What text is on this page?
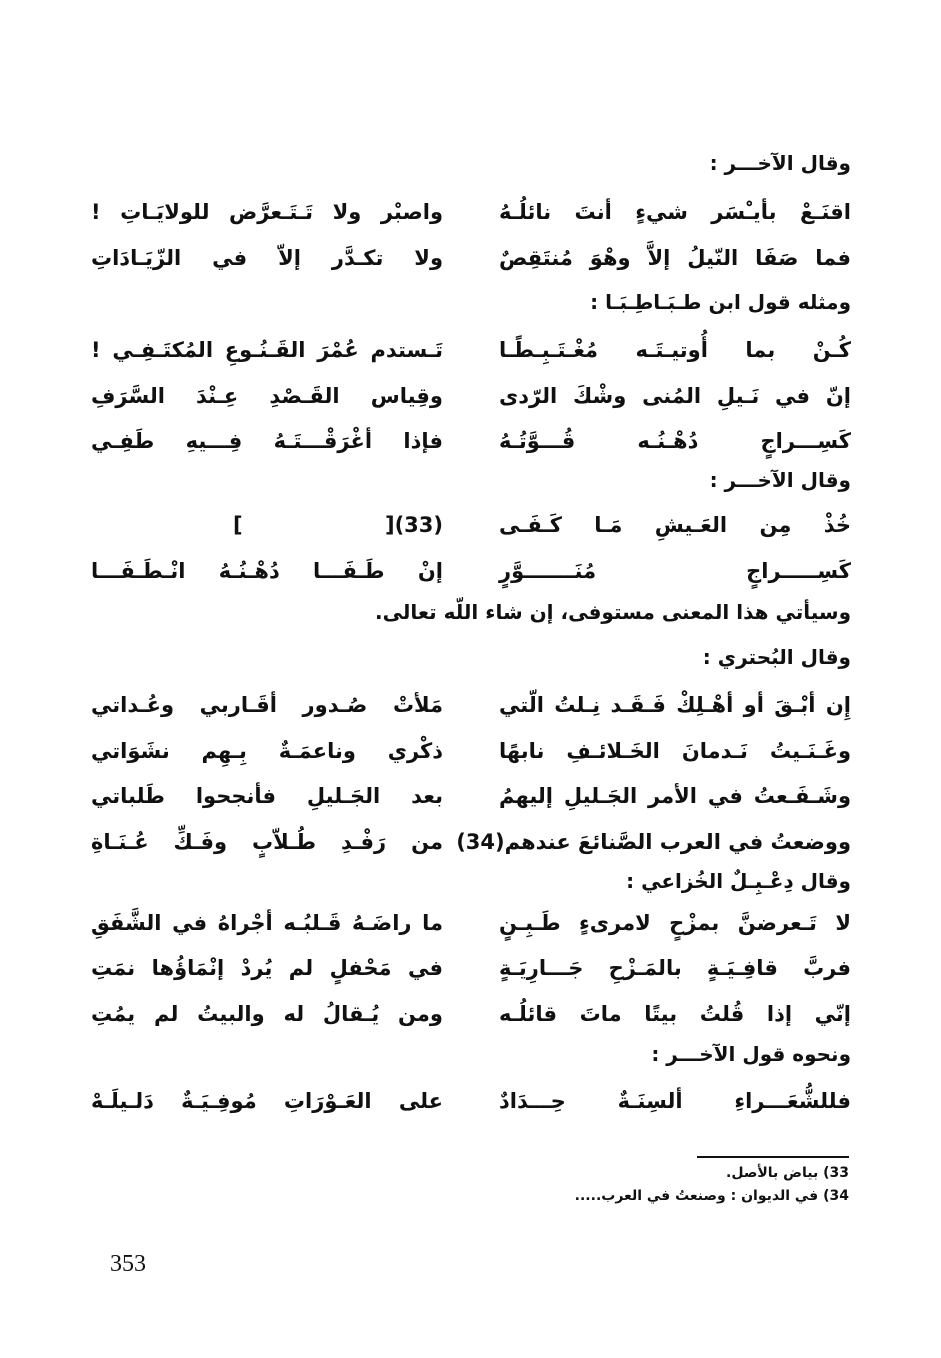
وقال الآخـــر :
اقنَـعْ بأيـْسَر شيءٍ أنتَ نائلُـهُ
واصبْر ولا تَـتَـعرَّض للولايَـاتِ !
فما صَفَا النّيلُ إلاَّ وهْوَ مُنتَقِصٌ
ولا تكـدَّر إلاّ في الزّيَـادَاتِ
ومثله قول ابن طـبَـاطِـبَـا :
كُـنْ بما أُوتيـتَـه مُغْـتَـبِـطًـا
تَـستدم عُمْرَ القَـنُـوعِ المُكتَـفِـي !
إنّ في نَـيلِ المُنى وشْكَ الرّدى
وقِياس القَـصْدِ عِـنْدَ السَّرَفِ
كَسِـــراجٍ دُهْـنُـه قُـــوَّتُـهُ
فإذا أغْرَقْـــتَـهُ فِـــيهِ طَفِـي
وقال الآخـــر :
خُذْ مِن العَـيشِ مَـا كَـفَـى
[ ](33)
كَسِـــــراجٍ مُنَـــــــوَّرٍ
إنْ طَـفَـــا دُهْـنُـهُ انْـطَـفَـــا
وسيأتي هذا المعنى مستوفى، إن شاء اللّه تعالى.
وقال البُحتري :
إِن أبْـقَ أو أهْـلِكْ فَـقَـد نِـلتُ الّتي
مَلأتْ صُـدور أقَـاربي وعُـداتي
وغَـنَـيتُ نَـدمانَ الخَـلائـفِ نابهًا
ذكْري وناعمَـةٌ بِـهِم نشَوَاتي
وشَـفَـعتُ في الأمر الجَـليلِ إليهمُ
بعد الجَـليلِ فأنجحوا طَلباتي
ووضعتُ في العرب الصَّنائعَ عندهم(34)
من رَفْـدِ طُـلاّبٍ وفَـكِّ عُـنَـاةِ
وقال دِعْـبِـلٌ الخُزاعي :
لا تَـعرضنَّ بمزْحٍ لامرىءٍ طَـبِـنٍ
ما راضَـهُ قَـلبُـه أجْراهُ في الشَّفَقِ
فربَّ قافِـيَـةٍ بالمَـزْحِ جَـــارِيَـةٍ
في مَحْفلٍ لم يُردْ إنْمَاؤُها نمَتِ
إنّي إذا قُلتُ بيتًا ماتَ قائلُـه
ومن يُـقالُ له والبيتُ لم يمُتِ
ونحوه قول الآخـــر :
فللشُّعَـــراءِ ألسِنَـةٌ حِـــدَادٌ
على العَـوْرَاتِ مُوفِـيَـةٌ دَلـيلَـهْ
33) بياض بالأصل.
34) في الديوان : وصنعتُ في العرب.....
353
